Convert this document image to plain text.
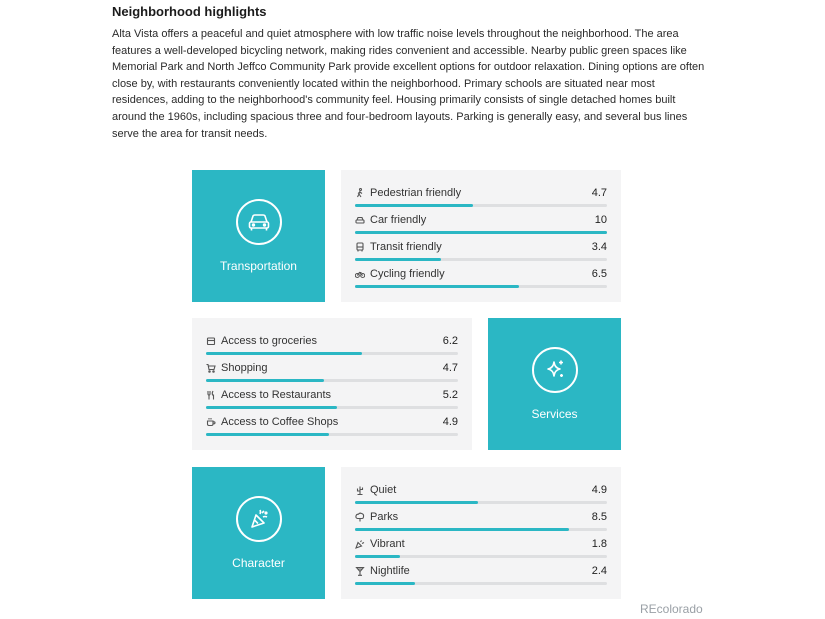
Neighborhood highlights
Alta Vista offers a peaceful and quiet atmosphere with low traffic noise levels throughout the neighborhood. The area features a well-developed bicycling network, making rides convenient and accessible. Nearby public green spaces like Memorial Park and North Jeffco Community Park provide excellent options for outdoor relaxation. Dining options are often close by, with restaurants conveniently located within the neighborhood. Primary schools are situated near most residences, adding to the neighborhood's community feel. Housing primarily consists of single detached homes built around the 1960s, including spacious three and four-bedroom layouts. Parking is generally easy, and several bus lines serve the area for transit needs.
Transportation
Pedestrian friendly	4.7
Car friendly	10
Transit friendly	3.4
Cycling friendly	6.5
Access to groceries	6.2
Shopping	4.7
Access to Restaurants	5.2
Access to Coffee Shops	4.9
Services
Character
Quiet	4.9
Parks	8.5
Vibrant	1.8
Nightlife	2.4
REcolorado
